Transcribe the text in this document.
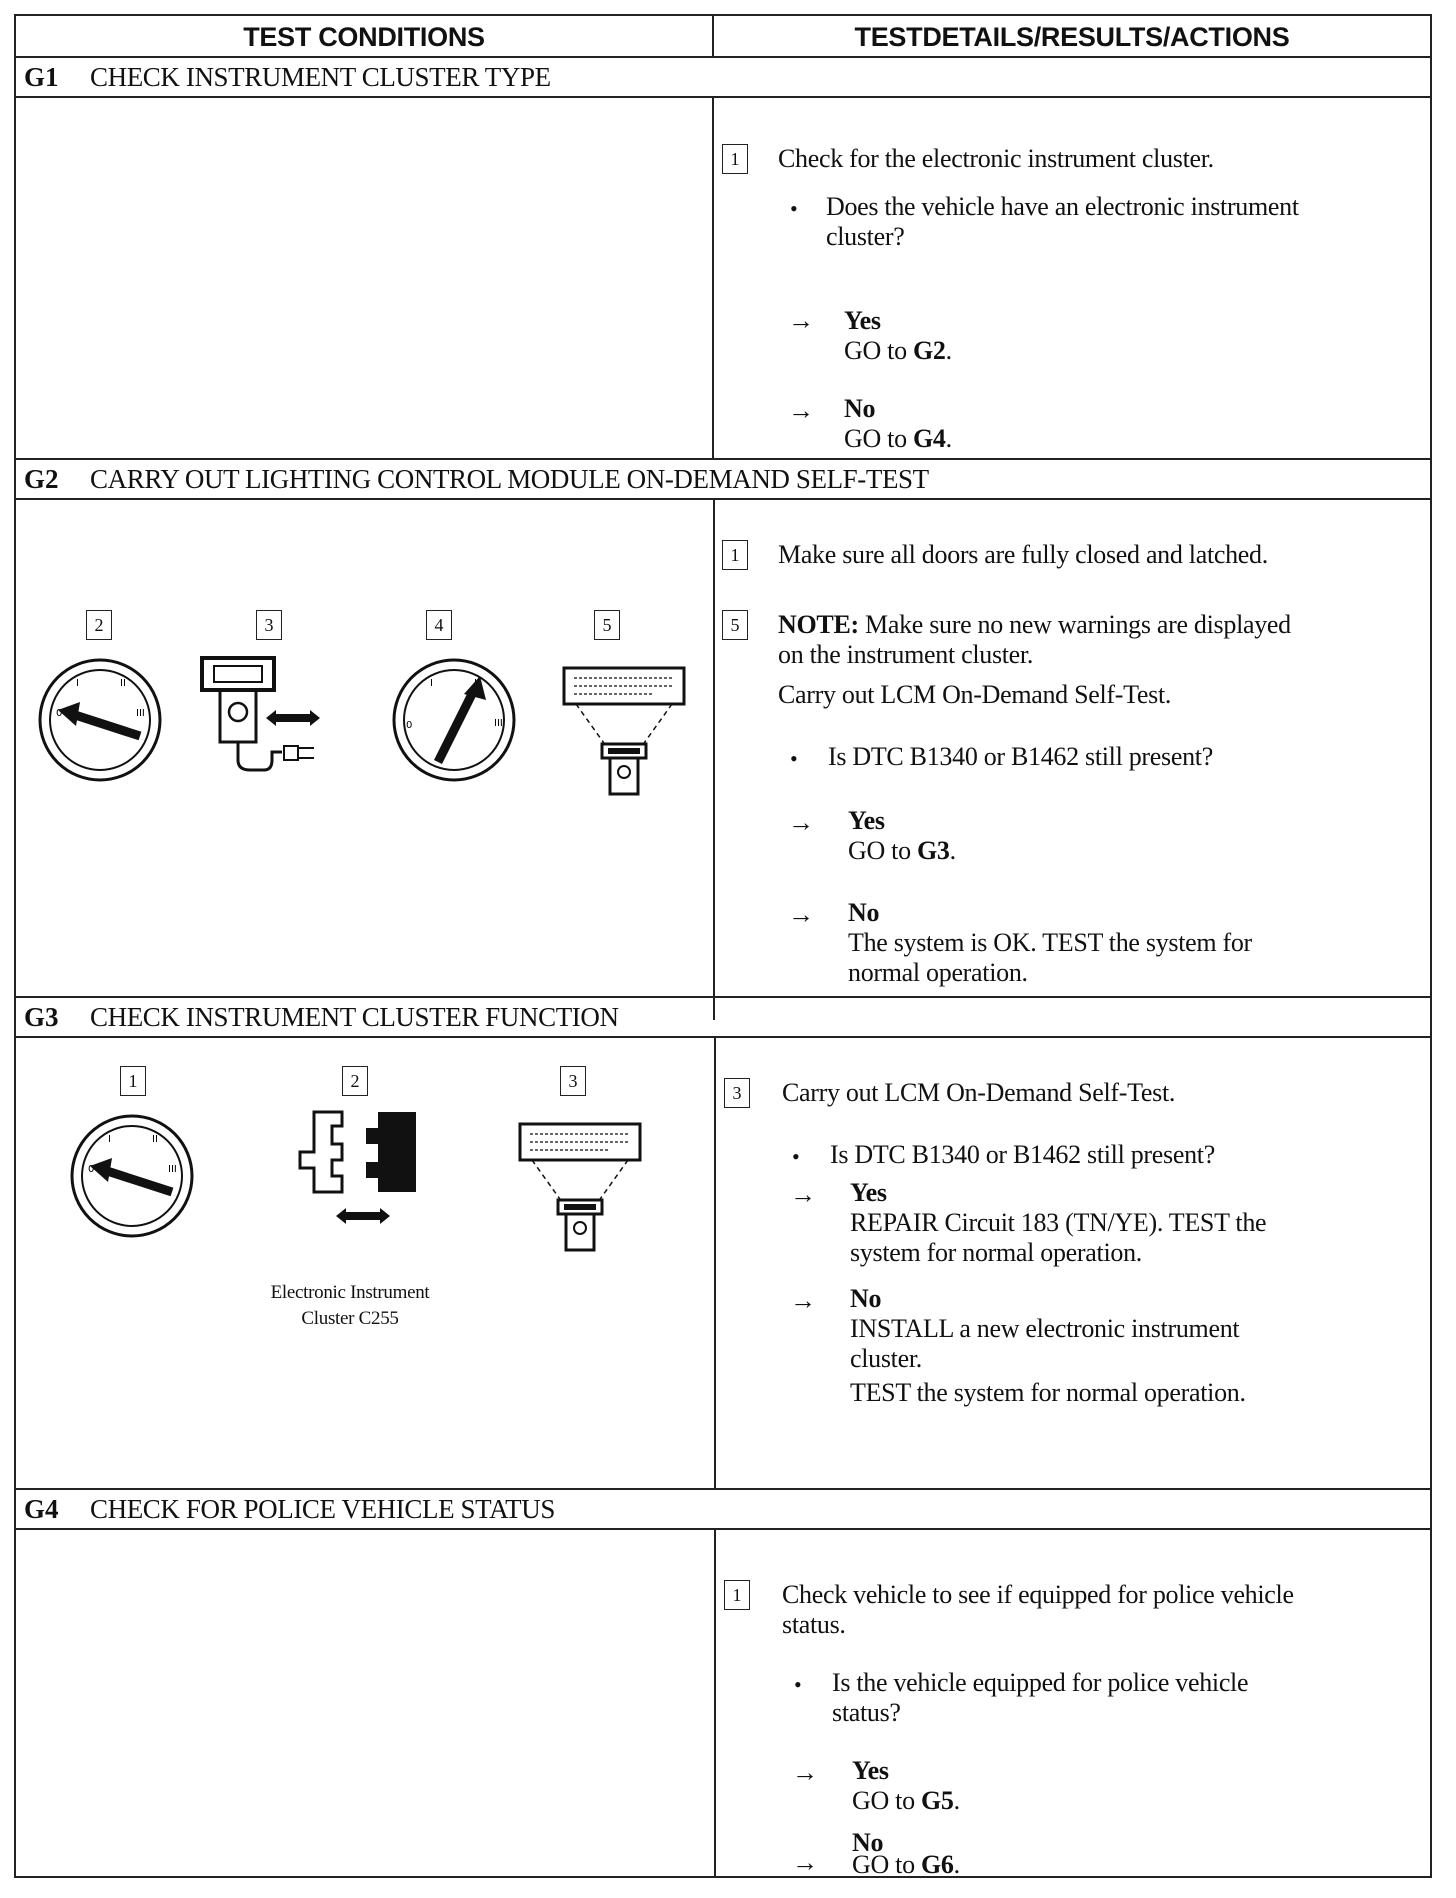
TEST CONDITIONS	TESTDETAILS/RESULTS/ACTIONS
G1 CHECK INSTRUMENT CLUSTER TYPE
1	Check for the electronic instrument cluster.
• Does the vehicle have an electronic instrument
cluster?
→ Yes
GO to G2.
→ No
GO to G4.
G2 CARRY OUT LIGHTING CONTROL MODULE ON-DEMAND SELF-TEST
2	3	4	5
0
I	II
III
0
I
III
1	Make sure all doors are fully closed and latched.
5	NOTE: Make sure no new warnings are displayed
on the instrument cluster.
Carry out LCM On-Demand Self-Test.
• Is DTC B1340 or B1462 still present?
→ Yes
GO to G3.
→ No
The system is OK. TEST the system for
normal operation.
G3 CHECK INSTRUMENT CLUSTER FUNCTION
1	2	3
0
I	II
III
Electronic Instrument
Cluster C255
3	Carry out LCM On-Demand Self-Test.
• Is DTC B1340 or B1462 still present?
→ Yes
REPAIR Circuit 183 (TN/YE). TEST the
system for normal operation.
→ No
INSTALL a new electronic instrument
cluster.
TEST the system for normal operation.
G4 CHECK FOR POLICE VEHICLE STATUS
1	Check vehicle to see if equipped for police vehicle
status.
• Is the vehicle equipped for police vehicle
status?
→ Yes
GO to G5.
→
No
GO to G6.
